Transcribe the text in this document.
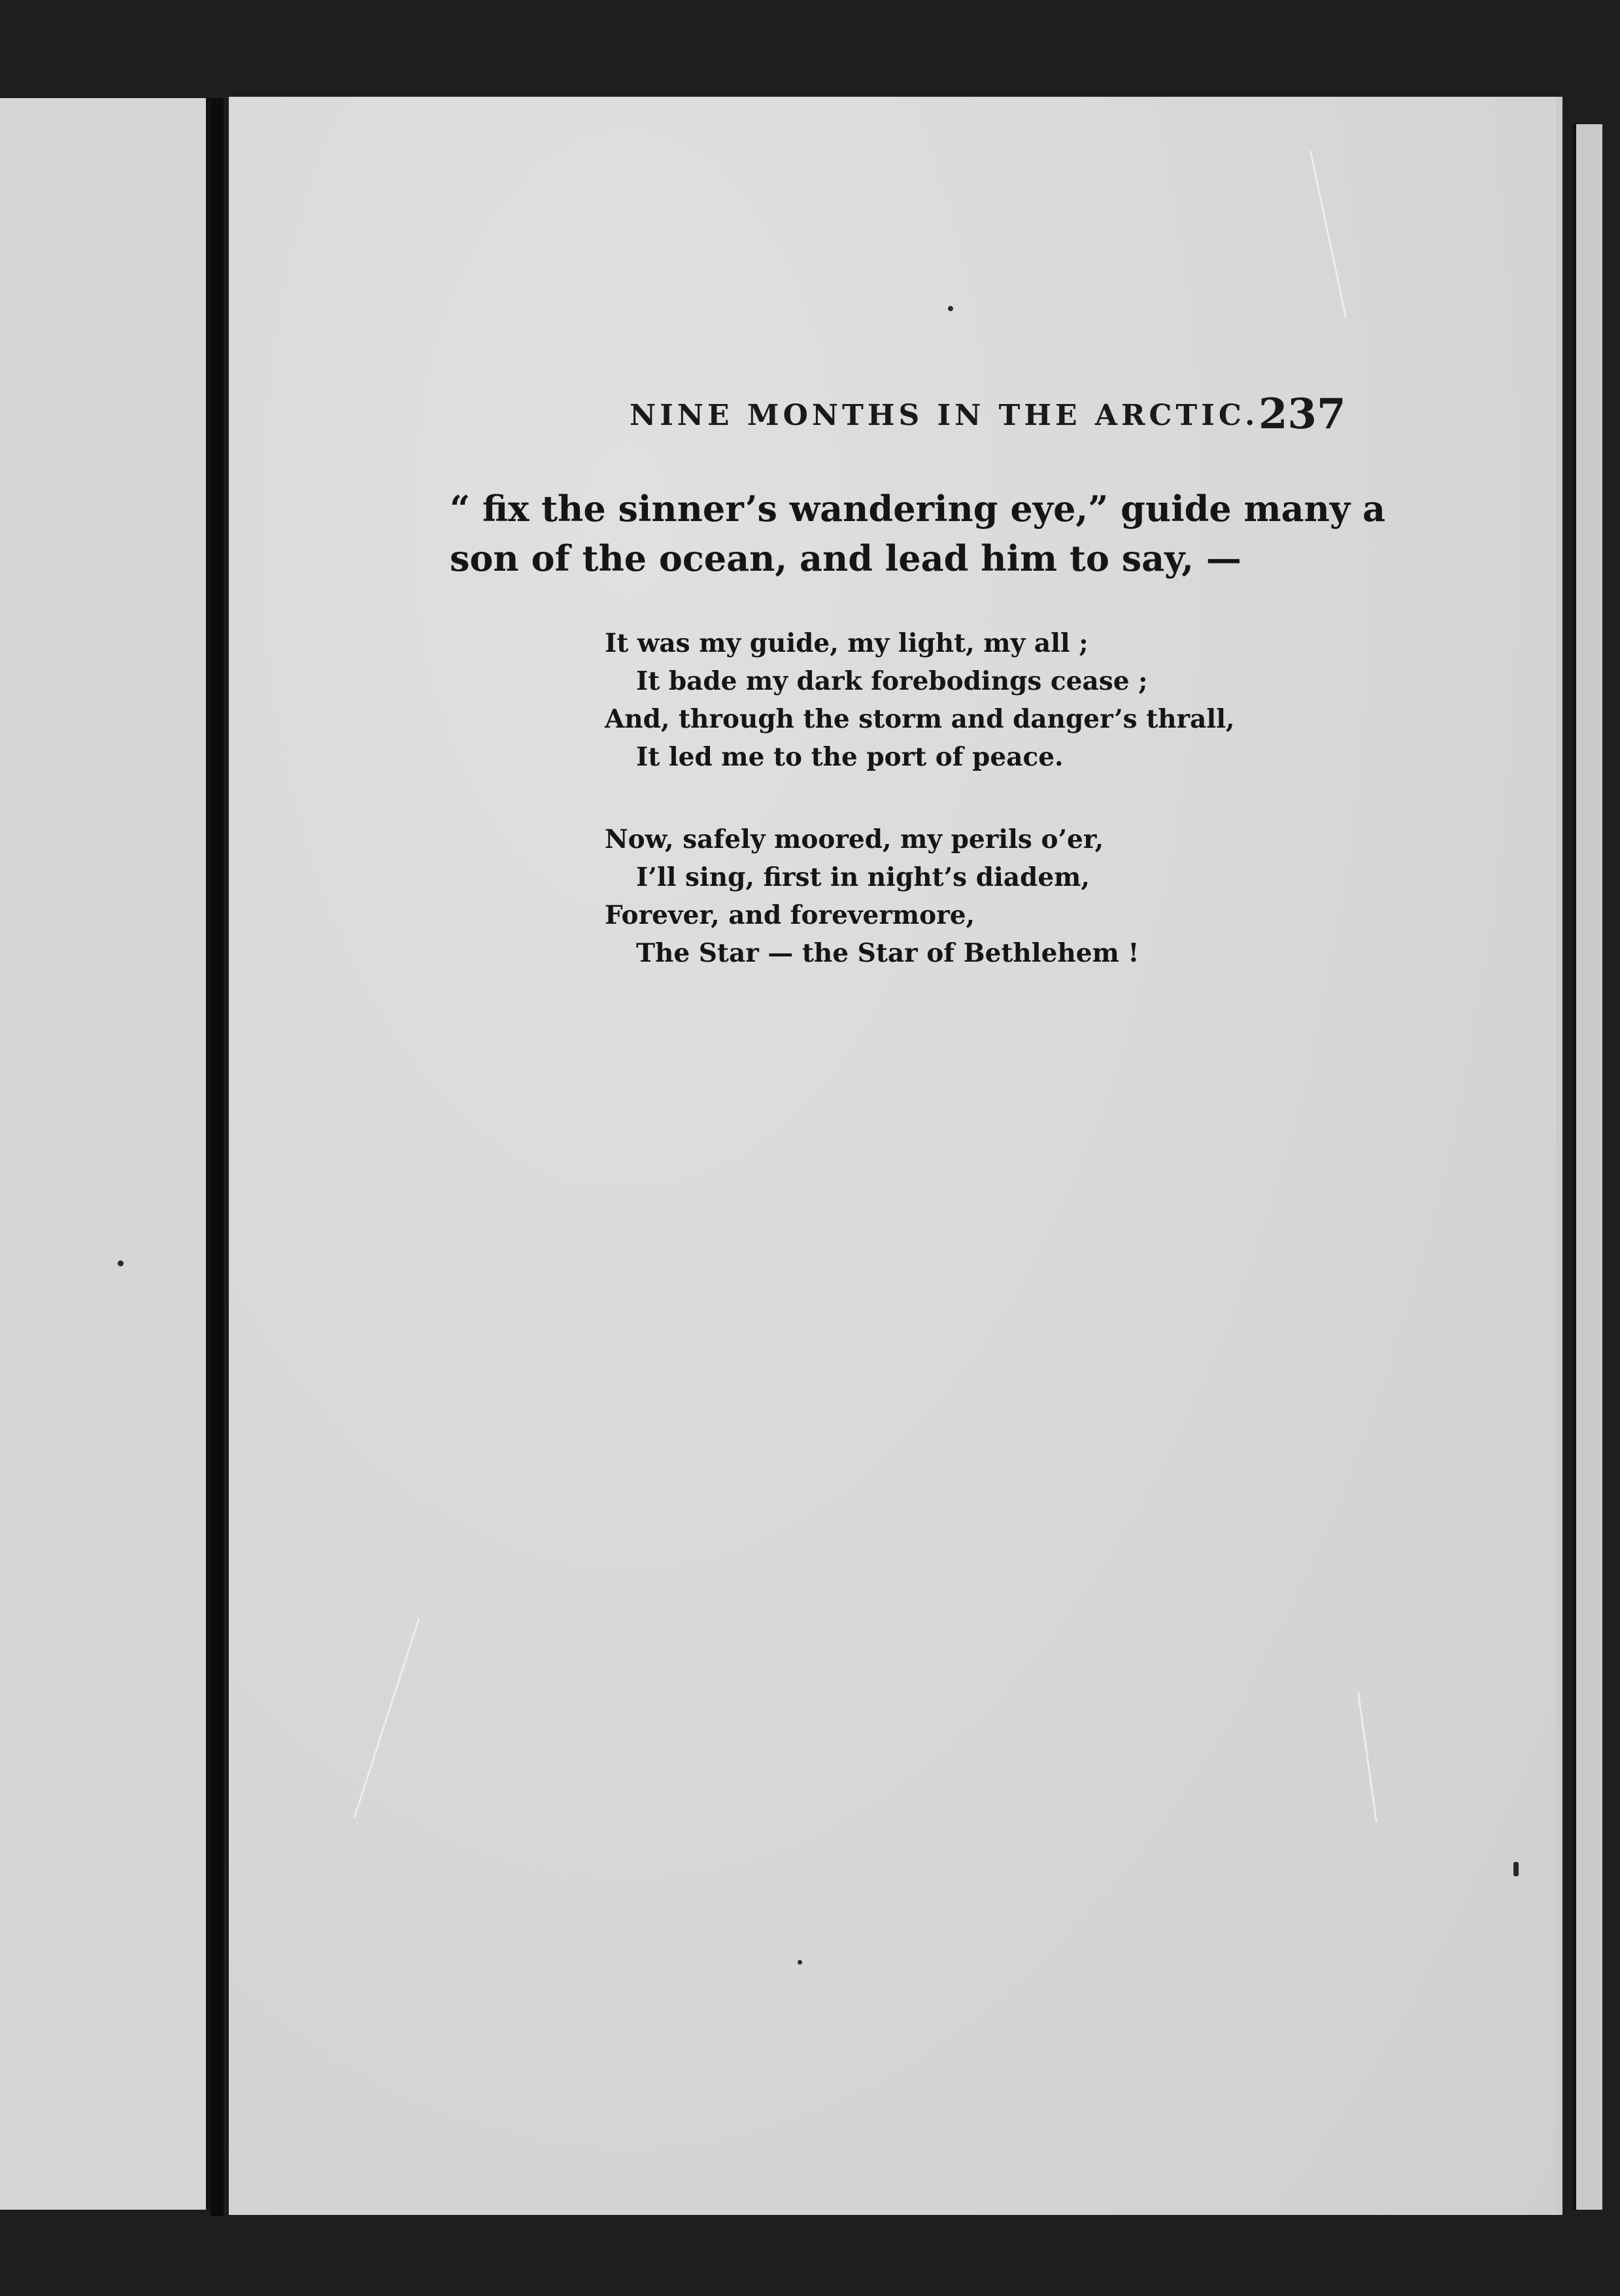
NINE MONTHS IN THE ARCTIC. 237
“ fix the sinner’s wandering eye,” guide many a
son of the ocean, and lead him to say, —
It was my guide, my light, my all ;
It bade my dark forebodings cease ;
And, through the storm and danger’s thrall,
It led me to the port of peace.
Now, safely moored, my perils o’er,
I’ll sing, first in night’s diadem,
Forever, and forevermore,
The Star — the Star of Bethlehem !
